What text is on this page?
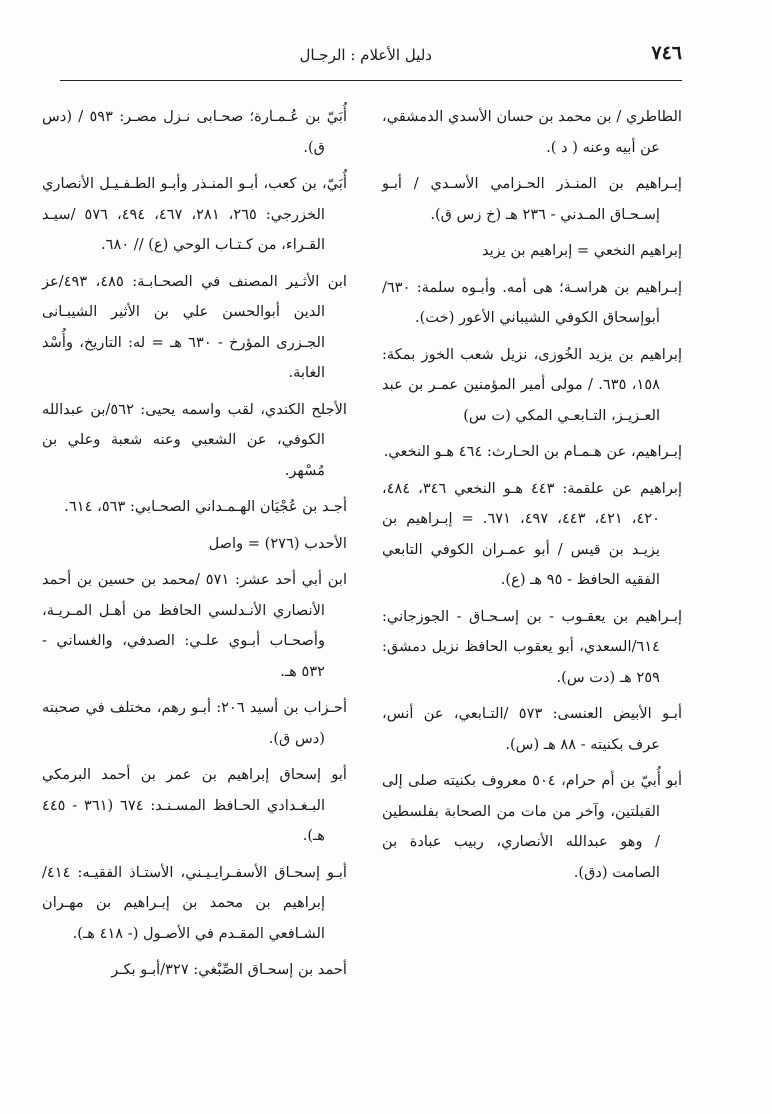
٧٤٦
دليل الأعلام : الرجـال

الطاطري / بن محمد بن حسان الأسدي الدمشقي، عن أبيه وعنه ( د ).

إبـراهيم بن المنـذر الحـزامي الأسـدي / أبـو إسـحـاق المـدني - ٢٣٦ هـ (خ زس ق).

إبراهيم النخعي = إبراهيم بن يزيد

إبـراهيم بن هراسـة؛ هى أمه. وأبـوه سلمة: ٦٣٠/أبوإسحاق الكوفي الشيباني الأعور (خت).

إبراهيم بن يزيد الخُوزى، نزيل شعب الخوز بمكة: ١٥٨، ٦٣٥. / مولى أمير المؤمنين عمـر بن عبد العـزيـز، التـابعـي المكي (ت س)

إبـراهيم، عن هـمـام بن الحـارث: ٤٦٤ هـو النخعي.

إبراهيم عن علقمة: ٤٤٣ هـو النخعي ٣٤٦، ٤٨٤، ٤٢٠، ٤٢١، ٤٤٣، ٤٩٧، ٦٧١. = إبـراهيم بن يزيـد بن قيس / أبو عمـران الكوفي التابعي الفقيه الحافظ - ٩٥ هـ (ع).

إبـراهيم بن يعقـوب - بن إسـحـاق - الجوزجاني: ٦١٤/السعدي، أبو يعقوب الحافظ نزيل دمشق: ٢٥٩ هـ (دت س).

أبـو الأبيض العنسى: ٥٧٣ /التـابعي، عن أنس، عرف بكنيته - ٨٨ هـ (س).

أبو أُبيّ بن أم حرام، ٥٠٤ معروف بكنيته صلى إلى القبلتين، وآخر من مات من الصحابة بفلسطين / وهو عبدالله الأنصاري، ربيب عبادة بن الصامت (دق).

أُبَيّ بن عُـمـارة؛ صحـابى نـزل مصـر: ٥٩٣ / (دس ق).

أُبَيّ، بن كعب، أبـو المنـذر وأبـو الطـفـيـل الأنصاري الخزرجي: ٢٦٥، ٢٨١، ٤٦٧، ٤٩٤، ٥٧٦ /سيـد القـراء، من كـتـاب الوحي (ع) // ٦٨٠.

ابن الأثـير المصنف في الصحـابـة: ٤٨٥، ٤٩٣/عز الدين أبوالحسن علي بن الأثير الشيبـانى الجـزرى المؤرخ - ٦٣٠ هـ = له: التاريخ، وأُسْد الغابة.

الأجلح الكندي، لقب واسمه يحيى: ٥٦٢/بن عبدالله الكوفي، عن الشعبي وعنه شعبة وعلي بن مُسْهر.

أجـد بن عُجْيَان الهـمـداني الصحـابي: ٥٦٣، ٦١٤.

الأحدب (٢٧٦) = واصل

ابن أبي أحد عشر: ٥٧١ /محمد بن حسين بن أحمد الأنصاري الأنـدلسي الحافظ من أهـل المـريـة، وأصحـاب أبـوي علـي: الصدفي، والغساني - ٥٣٢ هـ.

أحـزاب بن أسيد ٢٠٦: أبـو رهم، مختلف في صحبته (دس ق).

أبو إسحاق إبراهيم بن عمر بن أحمد البرمكي البـغـدادي الحـافظ المسـنـد: ٦٧٤ (٣٦١ - ٤٤٥ هـ).

أبـو إسحـاق الأسفـرايـيـني، الأستـاذ الفقيـه: ٤١٤/إبراهيم بن محمد بن إبـراهيم بن مهـران الشـافعي المقـدم في الأصـول (- ٤١٨ هـ).

أحمد بن إسحـاق الصِّبْغي: ٣٢٧/أبـو بكـر
